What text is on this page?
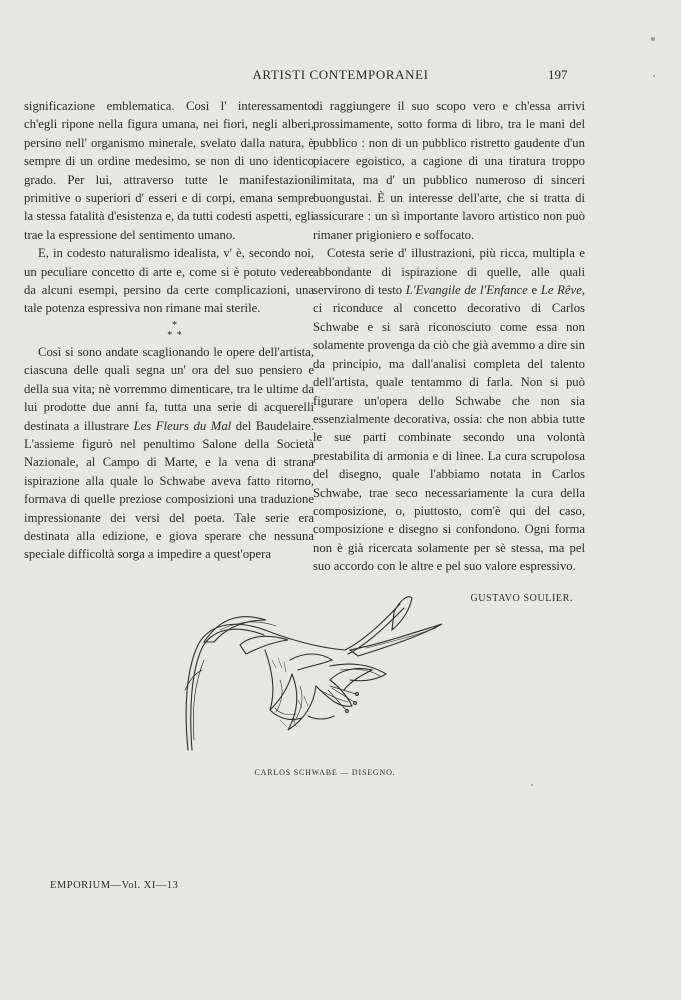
ARTISTI CONTEMPORANEI	197

significazione emblematica. Così l' interessamento ch'egli ripone nella figura umana, nei fiori, negli alberi, persino nell' organismo minerale, svelato dalla natura, è sempre di un ordine medesimo, se non di uno identico grado. Per lui, attraverso tutte le manifestazioni primitive o superiori d' esseri e di corpi, emana sempre la stessa fatalità d'esistenza e, da tutti codesti aspetti, egli trae la espressione del sentimento umano.

E, in codesto naturalismo idealista, v' è, secondo noi, un peculiare concetto di arte e, come si è potuto vedere da alcuni esempi, persino da certe complicazioni, una tale potenza espressiva non rimane mai sterile.

*
* *

Così si sono andate scaglionando le opere dell'artista, ciascuna delle quali segna un' ora del suo pensiero e della sua vita; nè vorremmo dimenticare, tra le ultime da lui prodotte due anni fa, tutta una serie di acquerelli destinata a illustrare Les Fleurs du Mal del Baudelaire. L'assieme figurò nel penultimo Salone della Società Nazionale, al Campo di Marte, e la vena di strana ispirazione alla quale lo Schwabe aveva fatto ritorno, formava di quelle preziose composizioni una traduzione impressionante dei versi del poeta. Tale serie era destinata alla edizione, e giova sperare che nessuna speciale difficoltà sorga a impedire a quest'opera

di raggiungere il suo scopo vero e ch'essa arrivi prossimamente, sotto forma di libro, tra le mani del pubblico : non di un pubblico ristretto gaudente d'un piacere egoistico, a cagione di una tiratura troppo limitata, ma d' un pubblico numeroso di sinceri buongustai. È un interesse dell'arte, che si tratta di assicurare : un sì importante lavoro artistico non può rimaner prigioniero e soffocato.

Cotesta serie d' illustrazioni, più ricca, multipla e abbondante di ispirazione di quelle, alle quali servirono di testo L'Evangile de l'Enfance e Le Rêve, ci riconduce al concetto decorativo di Carlos Schwabe e si sarà riconosciuto come essa non solamente provenga da ciò che già avemmo a dire sin da principio, ma dall'analisi completa del talento dell'artista, quale tentammo di farla. Non si può figurare un'opera dello Schwabe che non sia essenzialmente decorativa, ossia: che non abbia tutte le sue parti combinate secondo una volontà prestabilita di armonia e di linee. La cura scrupolosa del disegno, quale l'abbiamo notata in Carlos Schwabe, trae seco necessariamente la cura della composizione, o, piuttosto, com'è qui del caso, composizione e disegno si confondono. Ogni forma non è già ricercata solamente per sè stessa, ma pel suo accordo con le altre e pel suo valore espressivo.

GUSTAVO SOULIER.
CARLOS SCHWABE — DISEGNO.
EMPORIUM—Vol. XI—13
